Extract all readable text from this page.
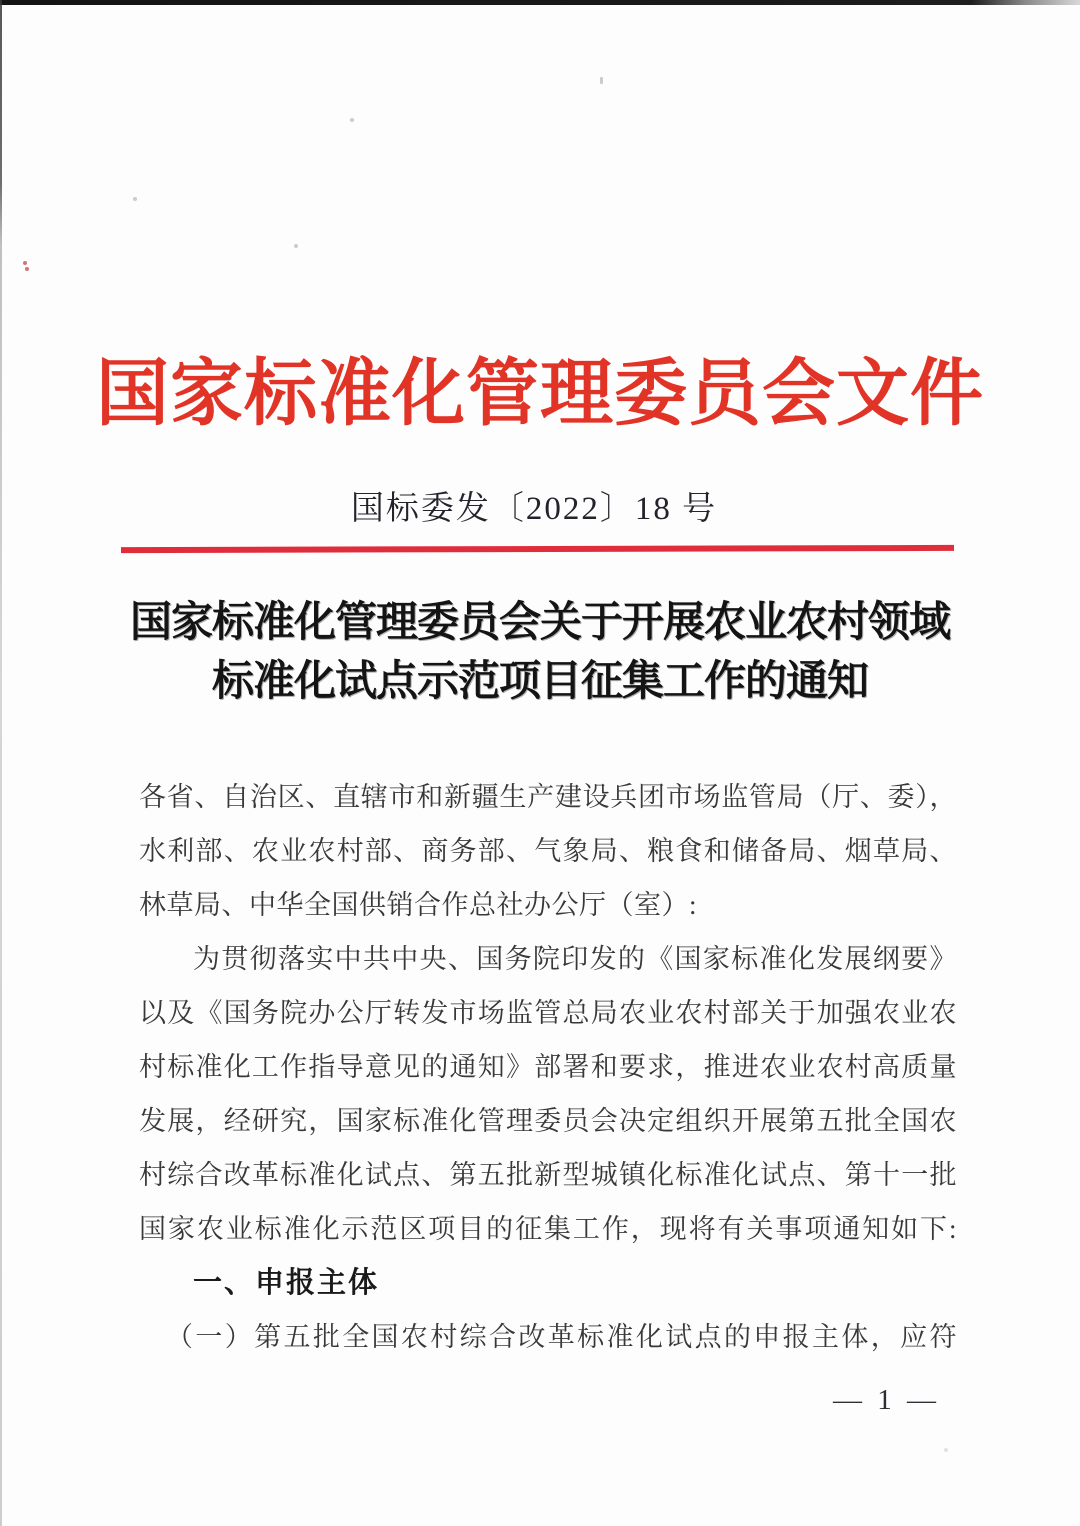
国家标准化管理委员会文件
国标委发〔2022〕18 号
国家标准化管理委员会关于开展农业农村领域
标准化试点示范项目征集工作的通知
各省、自治区、直辖市和新疆生产建设兵团市场监管局（厅、委），
水利部、农业农村部、商务部、气象局、粮食和储备局、烟草局、
林草局、中华全国供销合作总社办公厅（室）:
为贯彻落实中共中央、国务院印发的《国家标准化发展纲要》
以及《国务院办公厅转发市场监管总局农业农村部关于加强农业农
村标准化工作指导意见的通知》部署和要求，推进农业农村高质量
发展，经研究，国家标准化管理委员会决定组织开展第五批全国农
村综合改革标准化试点、第五批新型城镇化标准化试点、第十一批
国家农业标准化示范区项目的征集工作，现将有关事项通知如下:
一、申报主体
（一）第五批全国农村综合改革标准化试点的申报主体，应符
— 1 —
